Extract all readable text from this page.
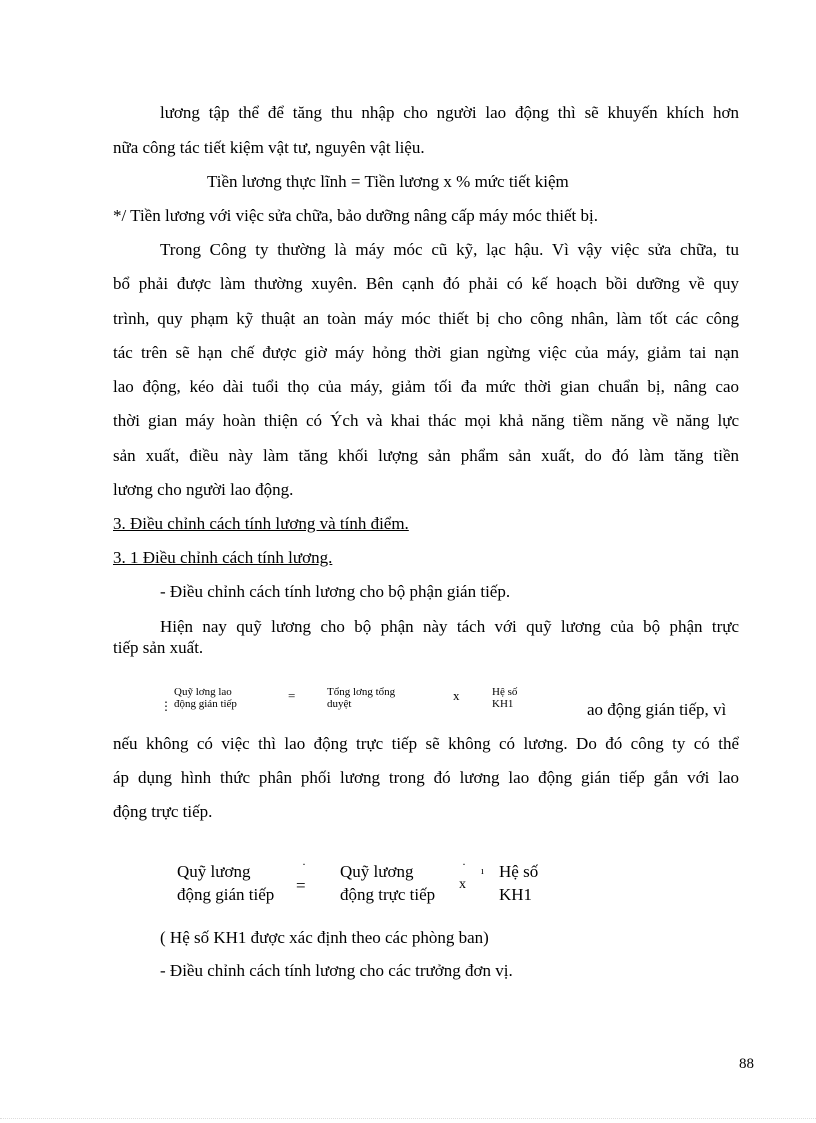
lương tập thể để tăng thu nhập cho người lao động thì sẽ khuyến khích hơn
nữa công tác tiết kiệm vật tư, nguyên vật liệu.
Tiền lương thực lĩnh = Tiền lương x % mức tiết kiệm
*/ Tiền lương với việc sửa chữa, bảo dưỡng nâng cấp máy móc thiết bị.
Trong Công ty thường là máy móc cũ kỹ, lạc hậu. Vì vậy việc sửa chữa, tu
bổ phải được làm thường xuyên. Bên cạnh đó phải có kế hoạch bồi dưỡng về quy
trình, quy phạm kỹ thuật an toàn máy móc thiết bị cho công nhân, làm tốt các công
tác trên sẽ hạn chế được giờ máy hỏng thời gian ngừng việc của máy, giảm tai nạn
lao động, kéo dài tuổi thọ của máy, giảm tối đa mức thời gian chuẩn bị, nâng cao
thời gian máy hoàn thiện có Ých và khai thác mọi khả năng tiềm năng về năng lực
sản xuất, điều này làm tăng khối lượng sản phẩm sản xuất, do đó làm tăng tiền
lương cho người lao động.
3. Điều chỉnh cách tính lương và tính điểm.
3. 1 Điều chỉnh cách tính lương.
- Điều chỉnh cách tính lương cho bộ phận gián tiếp.
Hiện nay quỹ lương cho bộ phận này tách với quỹ lương của bộ phận trực
tiếp sản xuất.
Quỹ lơng lao
động gián tiếp
⋮
=	Tổng lơng tổng
duyệt
x	Hệ số
KH1	ao động gián tiếp, vì
nếu không có việc thì lao động trực tiếp sẽ không có lương. Do đó công ty có thể
áp dụng hình thức phân phối lương trong đó lương lao động gián tiếp gắn với lao
động trực tiếp.
Quỹ lương
động gián tiếp
·
=
Quỹ lương
động trực tiếp
·
x
ı Hệ số
KH1
( Hệ số KH1 được xác định theo các phòng ban)
- Điều chỉnh cách tính lương cho các trưởng đơn vị.
88
